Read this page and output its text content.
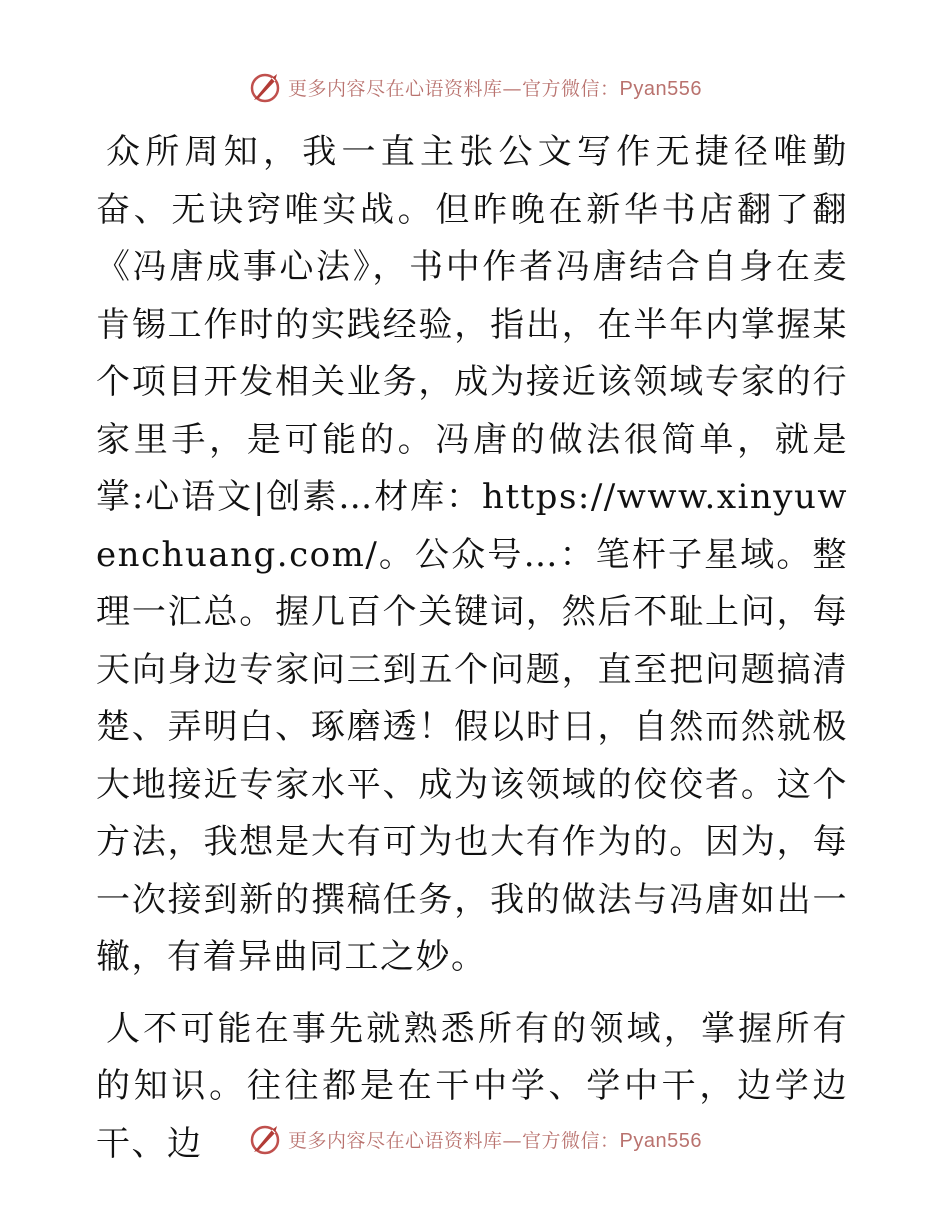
更多内容尽在心语资料库—官方微信：Pyan556

众所周知，我一直主张公文写作无捷径唯勤奋、无诀窍唯实战。但昨晚在新华书店翻了翻《冯唐成事心法》，书中作者冯唐结合自身在麦肯锡工作时的实践经验，指出，在半年内掌握某个项目开发相关业务，成为接近该领域专家的行家里手，是可能的。冯唐的做法很简单，就是掌:心语文|创素…材库：https://www.xinyuwenchuang.com/。公众号…：笔杆子星域。整理一汇总。握几百个关键词，然后不耻上问，每天向身边专家问三到五个问题，直至把问题搞清楚、弄明白、琢磨透！假以时日，自然而然就极大地接近专家水平、成为该领域的佼佼者。这个方法，我想是大有可为也大有作为的。因为，每一次接到新的撰稿任务，我的做法与冯唐如出一辙，有着异曲同工之妙。

人不可能在事先就熟悉所有的领域，掌握所有的知识。往往都是在干中学、学中干，边学边干、边	更多内容尽在心语资料库—官方微信：Pyan556
